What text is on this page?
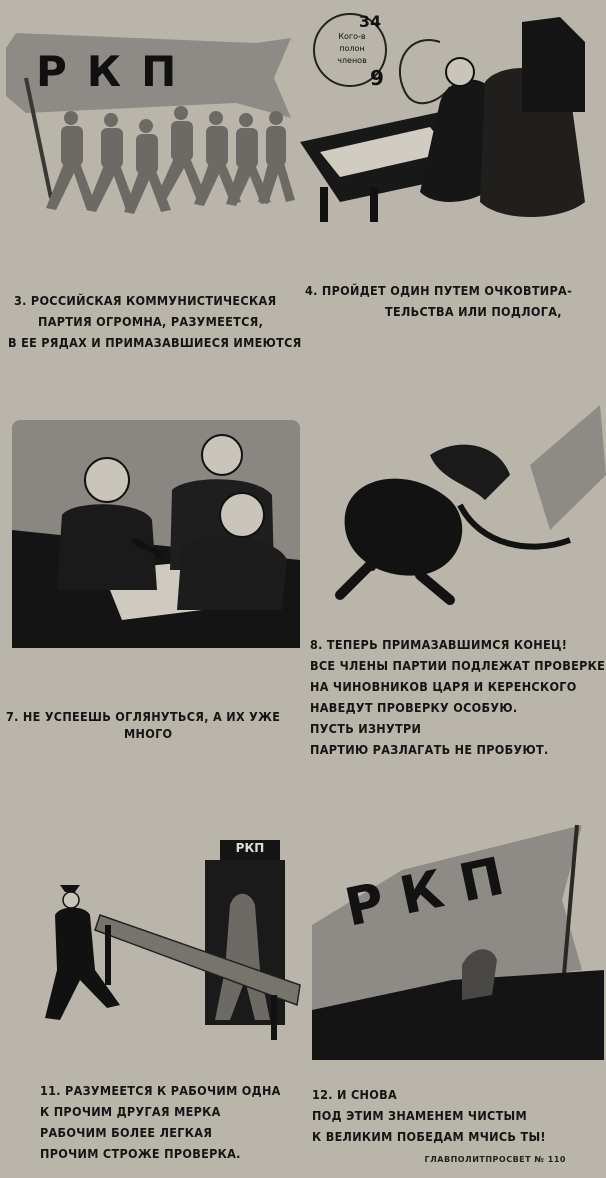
РКП
34
Кого-в
полон
членов
9
3. РОССИЙСКАЯ КОММУНИСТИЧЕСКАЯ
ПАРТИЯ ОГРОМНА, РАЗУМЕЕТСЯ,
В ЕЕ РЯДАХ И ПРИМАЗАВШИЕСЯ ИМЕЮТСЯ
4. ПРОЙДЕТ ОДИН ПУТЕМ ОЧКОВТИРА-
ТЕЛЬСТВА ИЛИ ПОДЛОГА,
7. НЕ УСПЕЕШЬ ОГЛЯНУТЬСЯ, А ИХ УЖЕ
МНОГО
8. ТЕПЕРЬ ПРИМАЗАВШИМСЯ КОНЕЦ!
ВСЕ ЧЛЕНЫ ПАРТИИ ПОДЛЕЖАТ ПРОВЕРКЕ
НА ЧИНОВНИКОВ ЦАРЯ И КЕРЕНСКОГО
НАВЕДУТ ПРОВЕРКУ ОСОБУЮ.
ПУСТЬ ИЗНУТРИ
ПАРТИЮ РАЗЛАГАТЬ НЕ ПРОБУЮТ.
РКП РКП
11. РАЗУМЕЕТСЯ К РАБОЧИМ ОДНА
К ПРОЧИМ ДРУГАЯ МЕРКА
РАБОЧИМ БОЛЕЕ ЛЕГКАЯ
ПРОЧИМ СТРОЖЕ ПРОВЕРКА.
12. И СНОВА
ПОД ЭТИМ ЗНАМЕНЕМ ЧИСТЫМ
К ВЕЛИКИМ ПОБЕДАМ МЧИСЬ ТЫ!
ГЛАВПОЛИТПРОСВЕТ № 110
